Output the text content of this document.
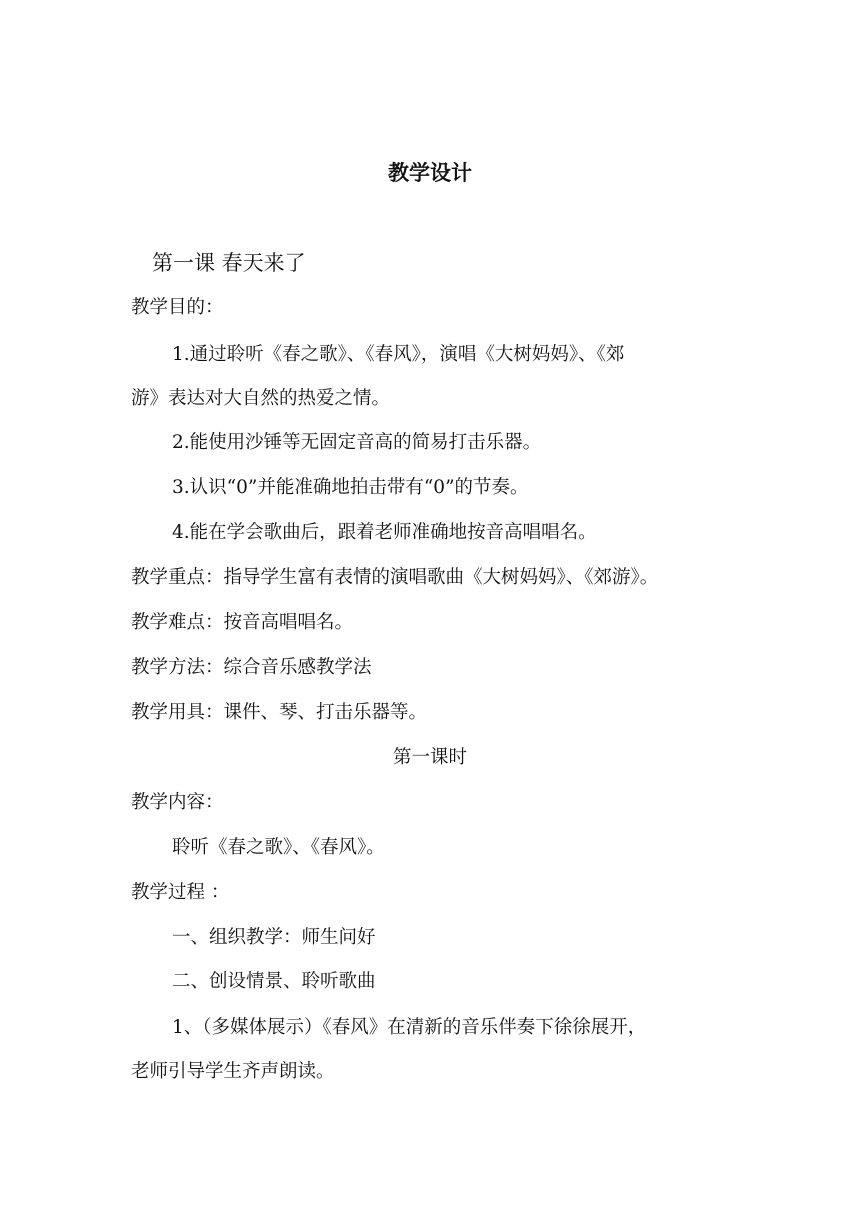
教学设计
第一课 春天来了

教学目的：

1.通过聆听《春之歌》、《春风》，演唱《大树妈妈》、《郊

游》表达对大自然的热爱之情。

2.能使用沙锤等无固定音高的简易打击乐器。

3.认识“0”并能准确地拍击带有“0”的节奏。

4.能在学会歌曲后，跟着老师准确地按音高唱唱名。

教学重点：指导学生富有表情的演唱歌曲《大树妈妈》、《郊游》。

教学难点：按音高唱唱名。

教学方法：综合音乐感教学法

教学用具：课件、琴、打击乐器等。

第一课时

教学内容：

聆听《春之歌》、《春风》。

教学过程 ：

一、组织教学：师生问好

二、创设情景、聆听歌曲

1、（多媒体展示）《春风》在清新的音乐伴奏下徐徐展开，

老师引导学生齐声朗读。
